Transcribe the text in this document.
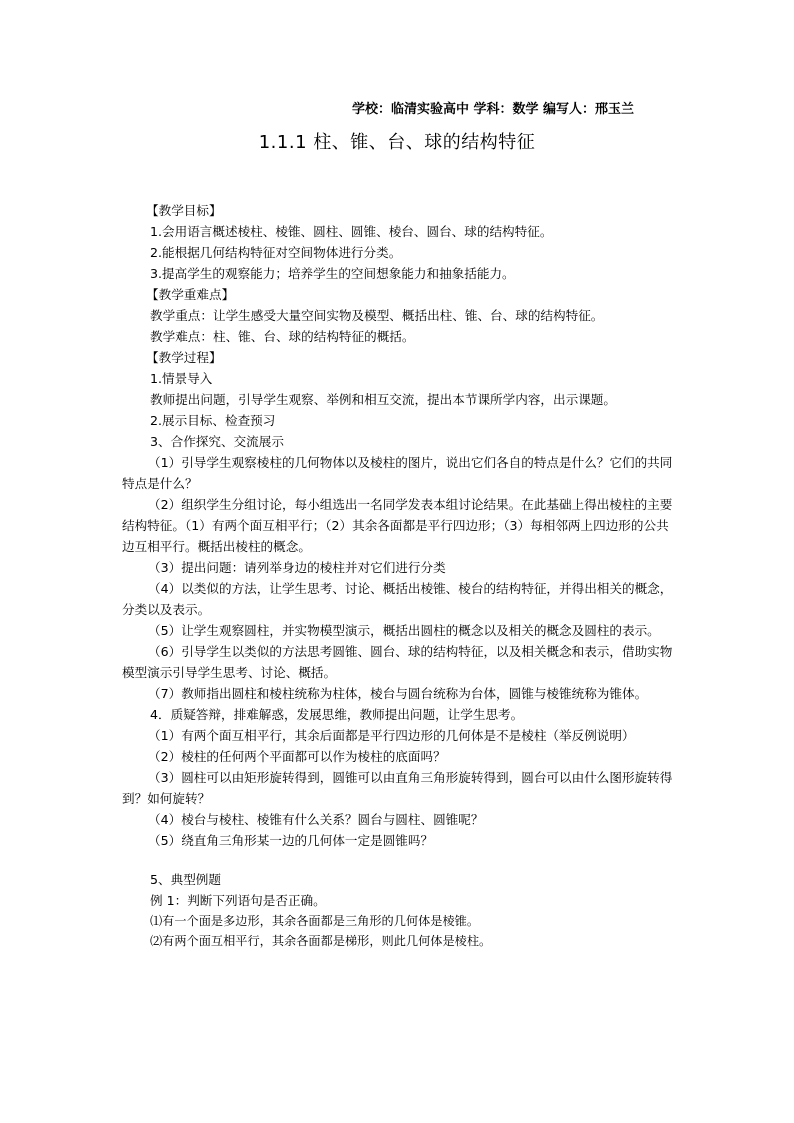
学校：临清实验高中 学科：数学 编写人：邢玉兰
1.1.1 柱、锥、台、球的结构特征

【教学目标】

1.会用语言概述棱柱、棱锥、圆柱、圆锥、棱台、圆台、球的结构特征。

2.能根据几何结构特征对空间物体进行分类。

3.提高学生的观察能力；培养学生的空间想象能力和抽象括能力。

【教学重难点】

教学重点：让学生感受大量空间实物及模型、概括出柱、锥、台、球的结构特征。

教学难点：柱、锥、台、球的结构特征的概括。

【教学过程】

1.情景导入

教师提出问题，引导学生观察、举例和相互交流，提出本节课所学内容，出示课题。

2.展示目标、检查预习

3、合作探究、交流展示

（1）引导学生观察棱柱的几何物体以及棱柱的图片，说出它们各自的特点是什么？它们的共同特点是什么？

（2）组织学生分组讨论，每小组选出一名同学发表本组讨论结果。在此基础上得出棱柱的主要结构特征。（1）有两个面互相平行；（2）其余各面都是平行四边形；（3）每相邻两上四边形的公共边互相平行。概括出棱柱的概念。

（3）提出问题：请列举身边的棱柱并对它们进行分类

（4）以类似的方法，让学生思考、讨论、概括出棱锥、棱台的结构特征，并得出相关的概念，分类以及表示。

（5）让学生观察圆柱，并实物模型演示，概括出圆柱的概念以及相关的概念及圆柱的表示。

（6）引导学生以类似的方法思考圆锥、圆台、球的结构特征，以及相关概念和表示，借助实物模型演示引导学生思考、讨论、概括。

（7）教师指出圆柱和棱柱统称为柱体，棱台与圆台统称为台体，圆锥与棱锥统称为锥体。

4．质疑答辩，排难解惑，发展思维，教师提出问题，让学生思考。

（1）有两个面互相平行，其余后面都是平行四边形的几何体是不是棱柱（举反例说明）

（2）棱柱的任何两个平面都可以作为棱柱的底面吗？

（3）圆柱可以由矩形旋转得到，圆锥可以由直角三角形旋转得到，圆台可以由什么图形旋转得到？如何旋转？

（4）棱台与棱柱、棱锥有什么关系？圆台与圆柱、圆锥呢？

（5）绕直角三角形某一边的几何体一定是圆锥吗？

5、典型例题

例 1：判断下列语句是否正确。

⑴有一个面是多边形，其余各面都是三角形的几何体是棱锥。

⑵有两个面互相平行，其余各面都是梯形，则此几何体是棱柱。
